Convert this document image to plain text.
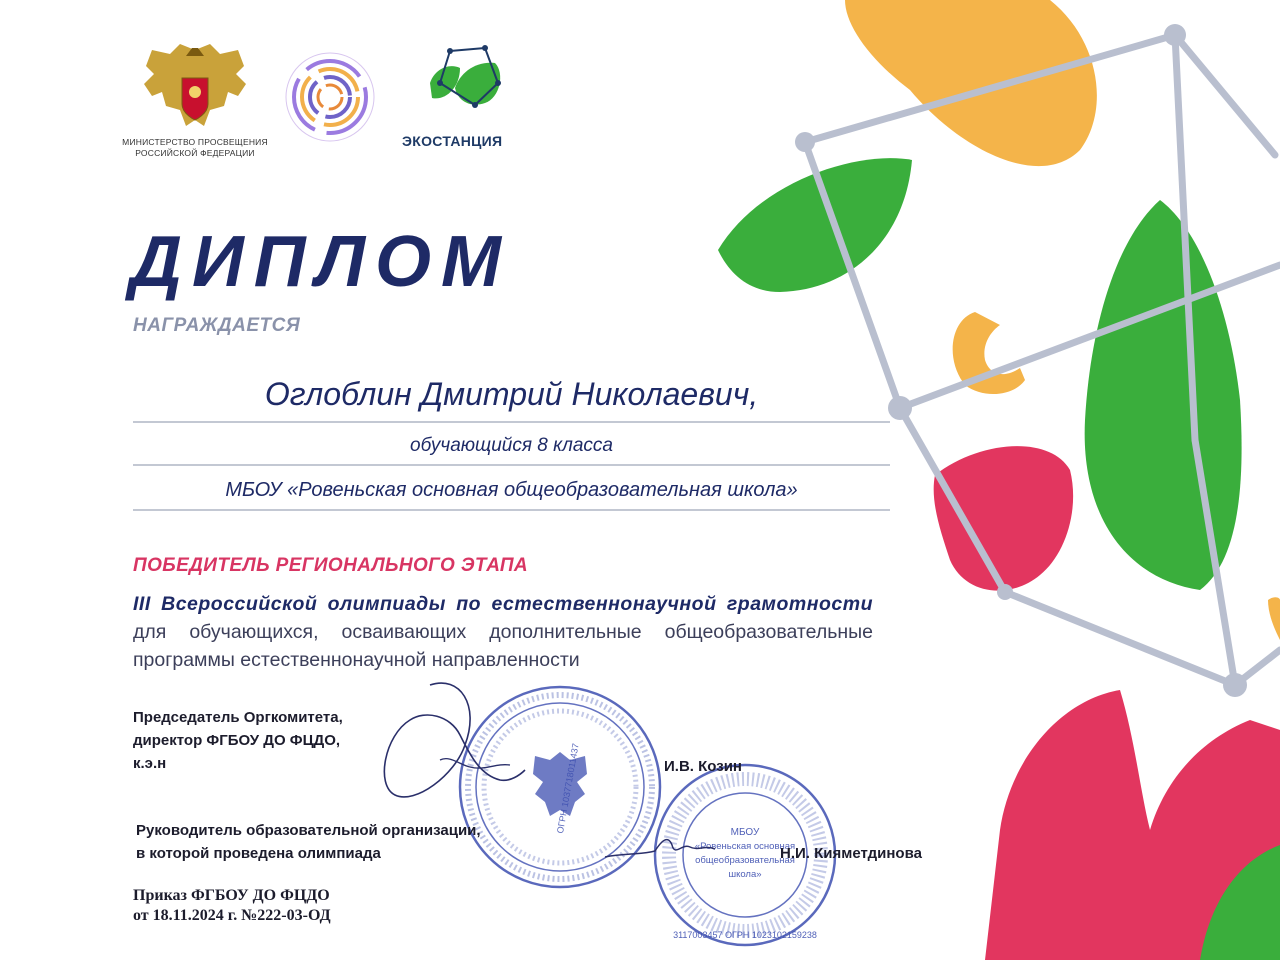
МИНИСТЕРСТВО ПРОСВЕЩЕНИЯ РОССИЙСКОЙ ФЕДЕРАЦИИ
ЭКОСТАНЦИЯ
ДИПЛОМ
НАГРАЖДАЕТСЯ
Оглоблин Дмитрий Николаевич,
обучающийся 8 класса
МБОУ «Ровеньская основная общеобразовательная школа»
ПОБЕДИТЕЛЬ РЕГИОНАЛЬНОГО ЭТАПА
III Всероссийской олимпиады по естественнонаучной грамотности для обучающихся, осваивающих дополнительные общеобразовательные программы естественнонаучной направленности
ОГРН 1037718011437	МБОУ
«Ровеньская основная
общеобразовательная
школа»
3117003457 ОГРН 1023102159238
Председатель Оргкомитета,
директор ФГБОУ ДО ФЦДО,
к.э.н	И.В. Козин
Руководитель образовательной организации,
в которой проведена олимпиада	Н.И. Кияметдинова
Приказ ФГБОУ ДО ФЦДО
от 18.11.2024 г. №222-03-ОД
